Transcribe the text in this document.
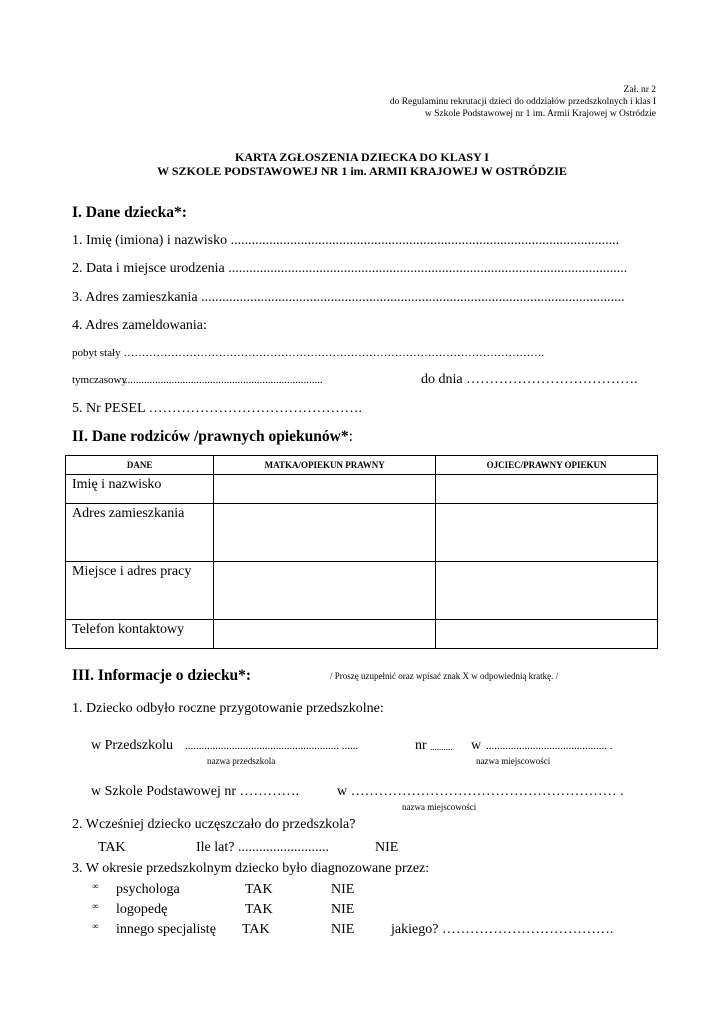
Zał. nr 2
do Regulaminu rekrutacji dzieci do oddziałów przedszkolnych i klas I
w Szkole Podstawowej nr 1 im. Armii Krajowej w Ostródzie
KARTA ZGŁOSZENIA DZIECKA DO KLASY I
W SZKOLE PODSTAWOWEJ NR 1 im. ARMII KRAJOWEJ W OSTRÓDZIE
I. Dane dziecka*:
1. Imię (imiona) i nazwisko ...............................................................................................................
2. Data i miejsce urodzenia ..................................................................................................................
3. Adres zamieszkania .........................................................................................................................
4. Adres zameldowania:
pobyt stały …………………………………………………………………………………………………….
tymczasowy
.........................................................................	do dnia ……………………………….
5. Nr PESEL ……………………………………….
II. Dane rodziców /prawnych opiekunów*:
DANE	MATKA/OPIEKUN PRAWNY	OJCIEC/PRAWNY OPIEKUN
Imię i nazwisko		
Adres zamieszkania		
Miejsce i adres pracy		
Telefon kontaktowy		
III. Informacje o dziecku*:	/ Proszę uzupełnić oraz wpisać znak X w odpowiednią kratkę. /
1. Dziecko odbyło roczne przygotowanie przedszkolne:
w Przedszkolu ........................................................ ......	nr .......... w ............................................ .
nazwa przedszkola	nazwa miejscowości
w Szkole Podstawowej nr ………….	w ………………………………………………… .
nazwa miejscowości
2. Wcześniej dziecko uczęszczało do przedszkola?
TAK	Ile lat? ..........................	NIE
3. W okresie przedszkolnym dziecko było diagnozowane przez:
∞ psychologa	TAK	NIE
∞ logopedę	TAK	NIE
∞ innego specjalistę TAK	NIE	jakiego? ……………………………….
